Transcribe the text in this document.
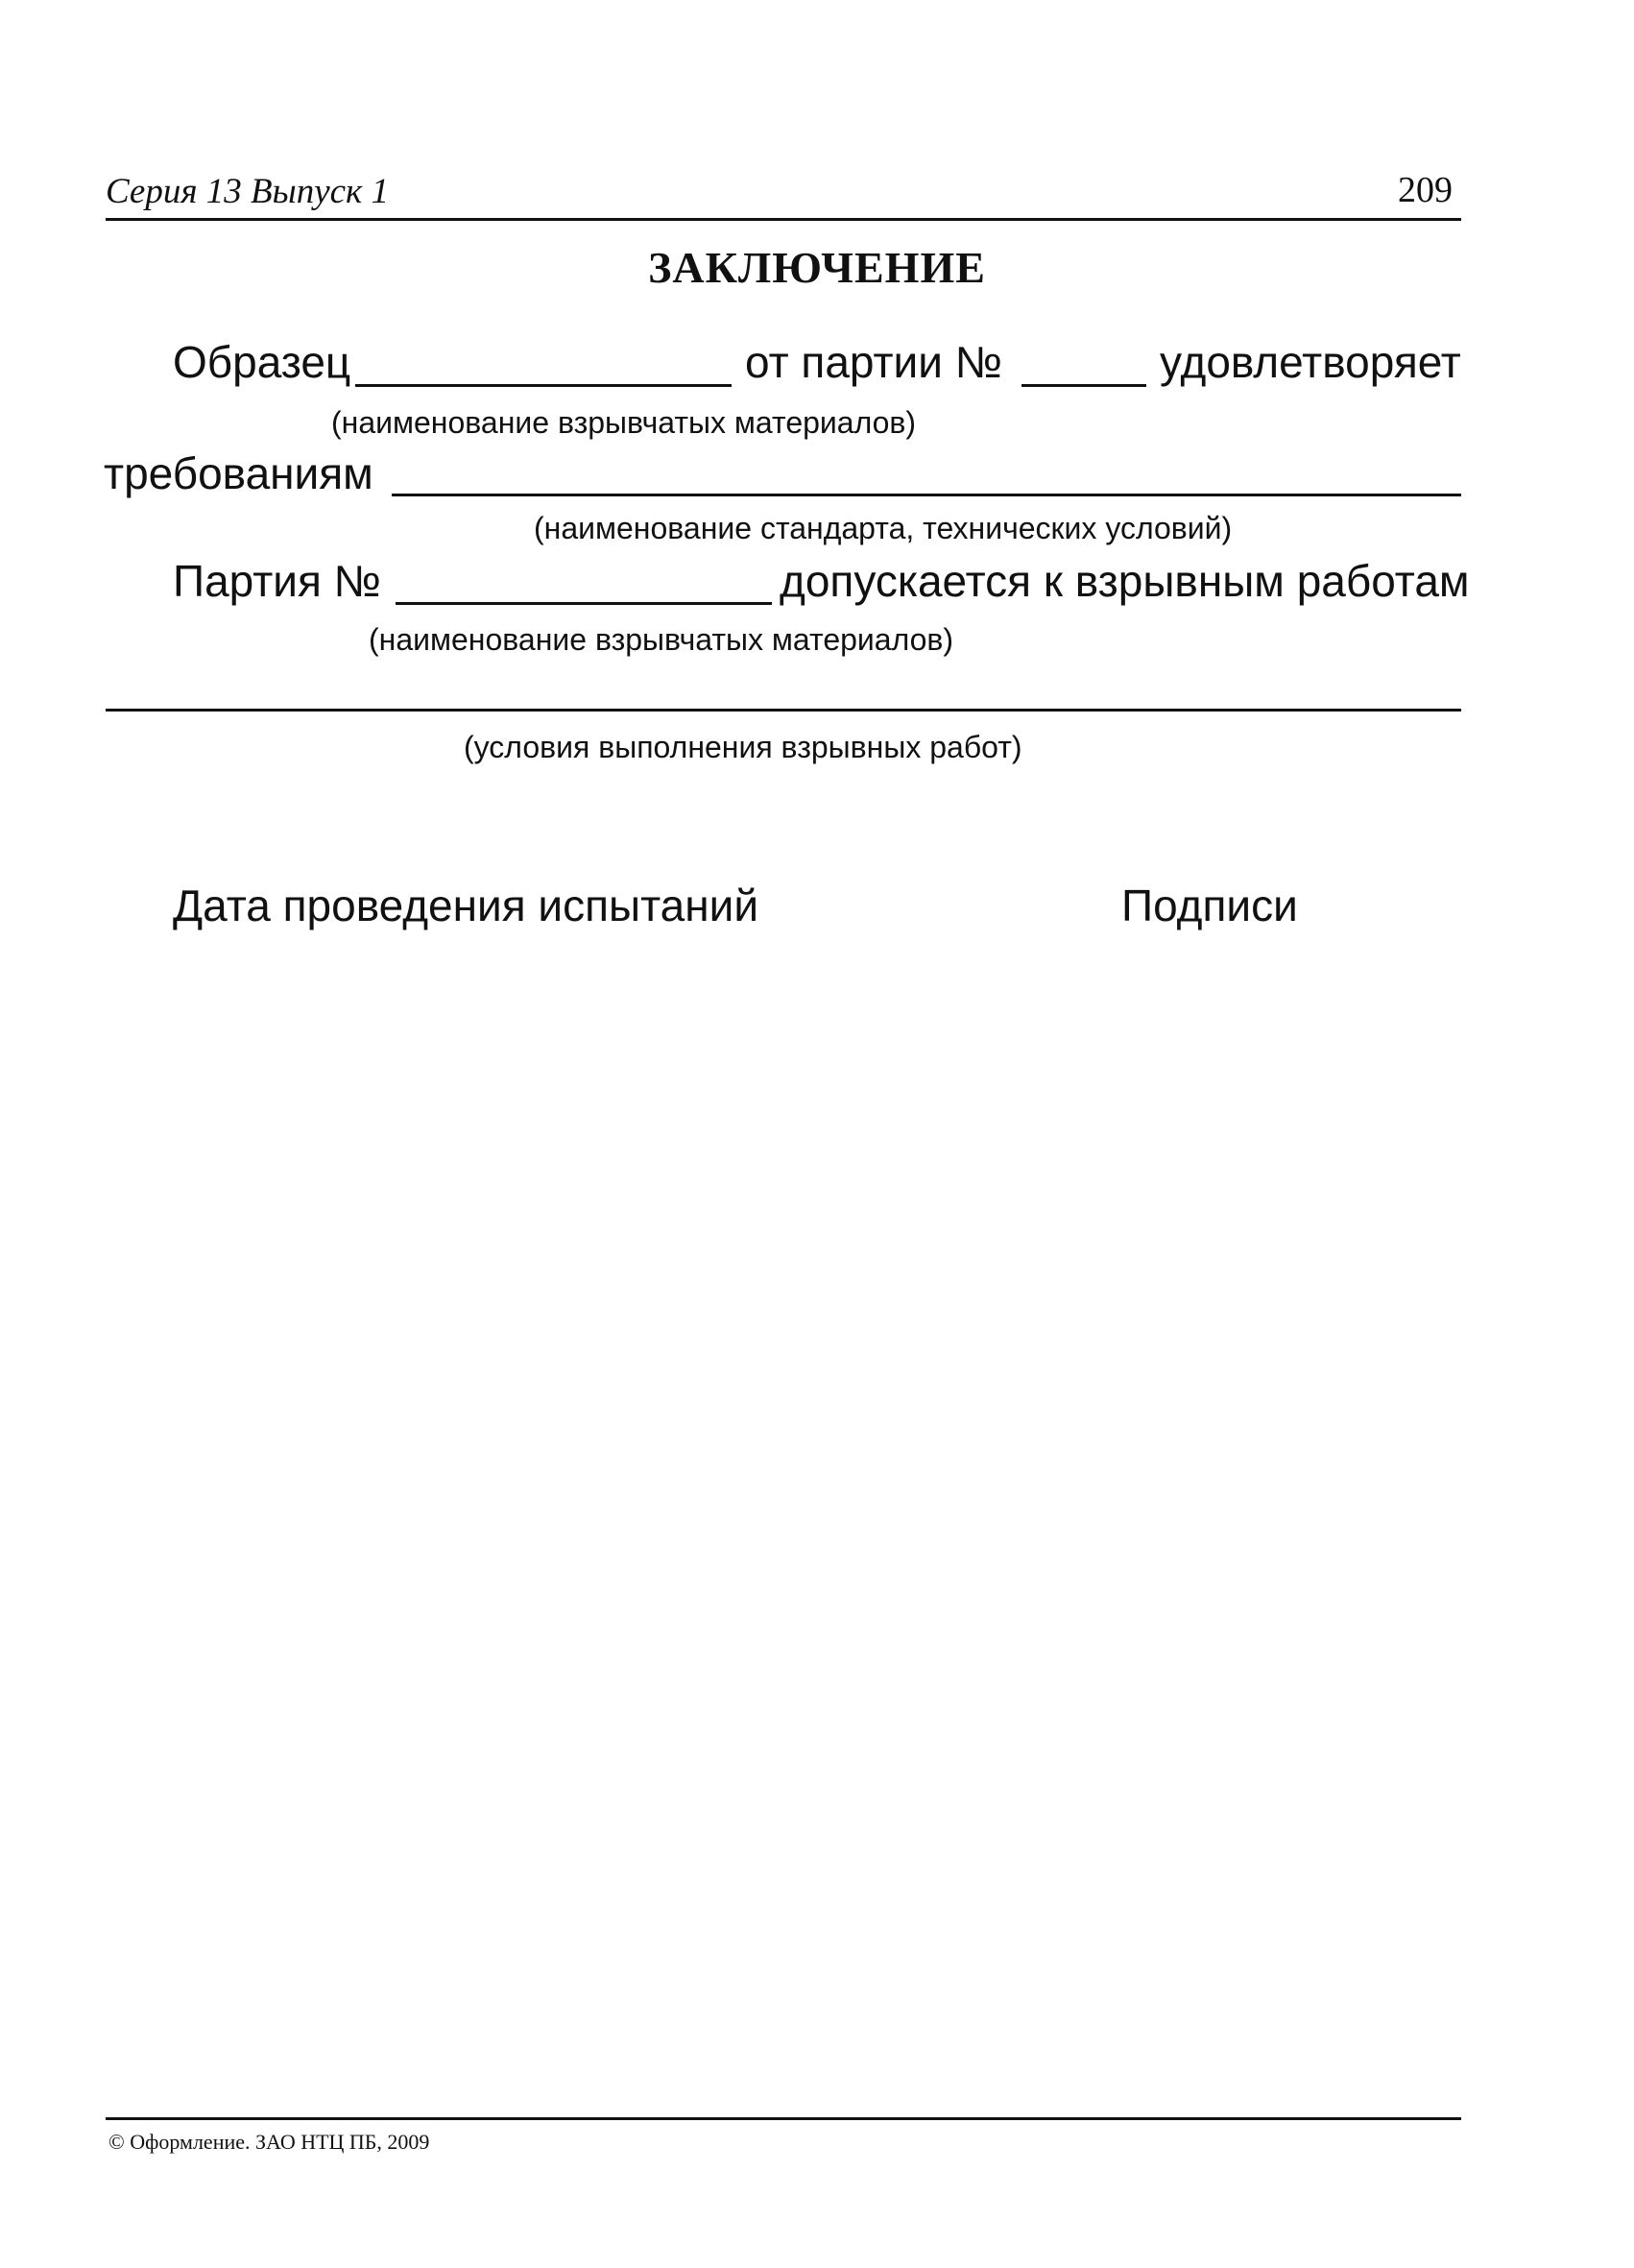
Серия 13 Выпуск 1	209
ЗАКЛЮЧЕНИЕ
Образец	от партии №	удовлетворяет
(наименование взрывчатых материалов)
требованиям
(наименование стандарта, технических условий)
Партия №	допускается к взрывным работам
(наименование взрывчатых материалов)
(условия выполнения взрывных работ)
Дата проведения испытаний	Подписи
© Оформление. ЗАО НТЦ ПБ, 2009
